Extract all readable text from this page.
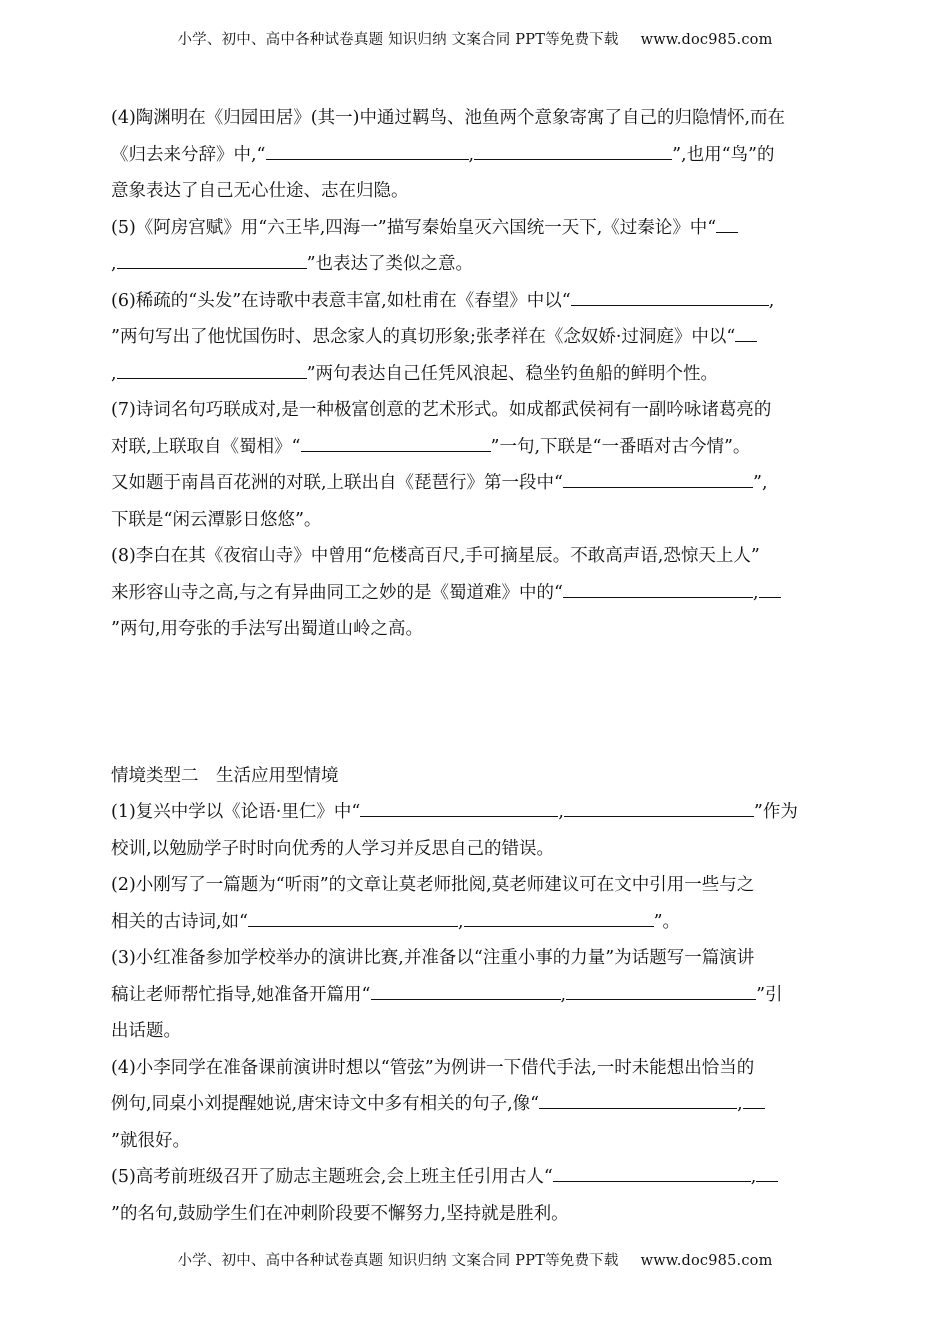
小学、初中、高中各种试卷真题 知识归纳 文案合同 PPT等免费下载 www.doc985.com
(4)陶渊明在《归园田居》(其一)中通过羁鸟、池鱼两个意象寄寓了自己的归隐情怀,而在
《归去来兮辞》中,“	,	”,也用“鸟”的
意象表达了自己无心仕途、志在归隐。
(5)《阿房宫赋》用“六王毕,四海一”描写秦始皇灭六国统一天下,《过秦论》中“
,	”也表达了类似之意。
(6)稀疏的“头发”在诗歌中表意丰富,如杜甫在《春望》中以“	,
”两句写出了他忧国伤时、思念家人的真切形象;张孝祥在《念奴娇·过洞庭》中以“
,	”两句表达自己任凭风浪起、稳坐钓鱼船的鲜明个性。
(7)诗词名句巧联成对,是一种极富创意的艺术形式。如成都武侯祠有一副吟咏诸葛亮的
对联,上联取自《蜀相》“	”一句,下联是“一番晤对古今情”。
又如题于南昌百花洲的对联,上联出自《琵琶行》第一段中“	”,
下联是“闲云潭影日悠悠”。
(8)李白在其《夜宿山寺》中曾用“危楼高百尺,手可摘星辰。不敢高声语,恐惊天上人”
来形容山寺之高,与之有异曲同工之妙的是《蜀道难》中的“	,
”两句,用夸张的手法写出蜀道山岭之高。
情境类型二　生活应用型情境
(1)复兴中学以《论语·里仁》中“	,	”作为
校训,以勉励学子时时向优秀的人学习并反思自己的错误。
(2)小刚写了一篇题为“听雨”的文章让莫老师批阅,莫老师建议可在文中引用一些与之
相关的古诗词,如“	,	”。
(3)小红准备参加学校举办的演讲比赛,并准备以“注重小事的力量”为话题写一篇演讲
稿让老师帮忙指导,她准备开篇用“	,	”引
出话题。
(4)小李同学在准备课前演讲时想以“管弦”为例讲一下借代手法,一时未能想出恰当的
例句,同桌小刘提醒她说,唐宋诗文中多有相关的句子,像“	,
”就很好。
(5)高考前班级召开了励志主题班会,会上班主任引用古人“	,
”的名句,鼓励学生们在冲刺阶段要不懈努力,坚持就是胜利。
小学、初中、高中各种试卷真题 知识归纳 文案合同 PPT等免费下载 www.doc985.com
